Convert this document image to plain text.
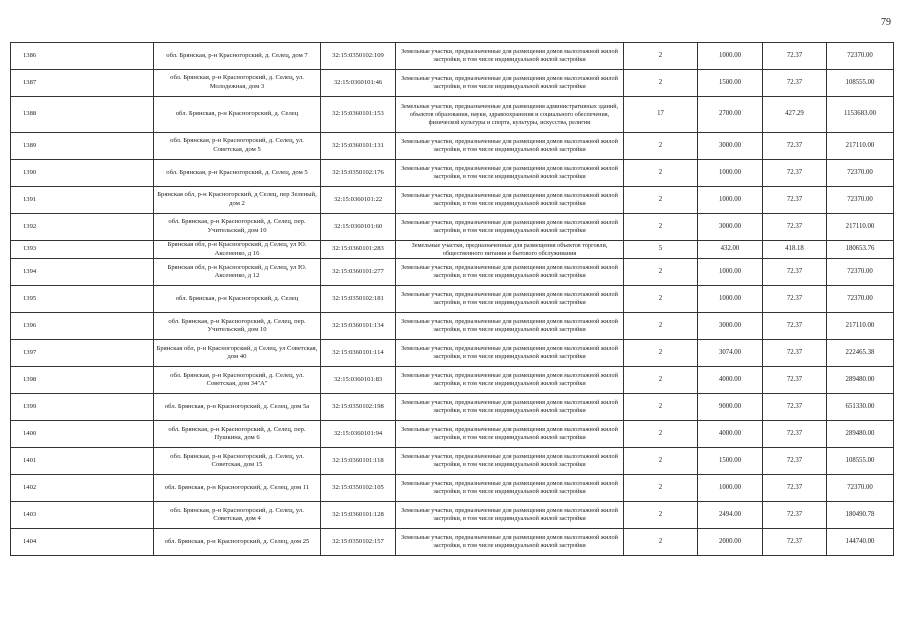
79
1386	обл. Брянская, р-н Красногорский, д. Селец, дом 7	32:15:0350102:109	Земельные участки, предназначенные для размещения домов малоэтажной жилой застройки, в том числе индивидуальной жилой застройки	2	1000.00	72.37	72370.00
1387	обл. Брянская, р-н Красногорский, д. Селец, ул. Молодежная, дом 3	32:15:0360101:46	Земельные участки, предназначенные для размещения домов малоэтажной жилой застройки, в том числе индивидуальной жилой застройки	2	1500.00	72.37	108555.00
1388	обл. Брянская, р-н Красногорский, д. Селец	32:15:0360101:153	Земельные участки, предназначенные для размещения административных зданий, объектов образования, науки, здравоохранения и социального обеспечения, физической культуры и спорта, культуры, искусства, религии	17	2700.00	427.29	1153683.00
1389	обл. Брянская, р-н Красногорский, д. Селец, ул. Советская, дом 5	32:15:0360101:131	Земельные участки, предназначенные для размещения домов малоэтажной жилой застройки, в том числе индивидуальной жилой застройки	2	3000.00	72.37	217110.00
1390	обл. Брянская, р-н Красногорский, д. Селец, дом 5	32:15:0350102:176	Земельные участки, предназначенные для размещения домов малоэтажной жилой застройки, в том числе индивидуальной жилой застройки	2	1000.00	72.37	72370.00
1391	Брянская обл, р-н Красногорский, д Селец, пер Зеленый, дом 2	32:15:0360101:22	Земельные участки, предназначенные для размещения домов малоэтажной жилой застройки, в том числе индивидуальной жилой застройки	2	1000.00	72.37	72370.00
1392	обл. Брянская, р-н Красногорский, д. Селец, пер. Учительский, дом 10	32:15:0360101:60	Земельные участки, предназначенные для размещения домов малоэтажной жилой застройки, в том числе индивидуальной жилой застройки	2	3000.00	72.37	217110.00
1393	Брянская обл, р-н Красногорский, д Селец, ул Ю. Аксененко, д 16	32:15:0360101:283	Земельные участки, предназначенные для размещения объектов торговли, общественного питания и бытового обслуживания	5	432.00	418.18	180653.76
1394	Брянская обл, р-н Красногорский, д Селец, ул Ю. Аксененко, д 12	32:15:0360101:277	Земельные участки, предназначенные для размещения домов малоэтажной жилой застройки, в том числе индивидуальной жилой застройки	2	1000.00	72.37	72370.00
1395	обл. Брянская, р-н Красногорский, д. Селец	32:15:0350102:181	Земельные участки, предназначенные для размещения домов малоэтажной жилой застройки, в том числе индивидуальной жилой застройки	2	1000.00	72.37	72370.00
1396	обл. Брянская, р-н Красногорский, д. Селец, пер. Учительский, дом 10	32:15:0360101:134	Земельные участки, предназначенные для размещения домов малоэтажной жилой застройки, в том числе индивидуальной жилой застройки	2	3000.00	72.37	217110.00
1397	Брянская обл, р-н Красногорский, д Селец, ул Советская, дом 40	32:15:0360101:114	Земельные участки, предназначенные для размещения домов малоэтажной жилой застройки, в том числе индивидуальной жилой застройки	2	3074.00	72.37	222465.38
1398	обл. Брянская, р-н Красногорский, д. Селец, ул. Советская, дом 34"А"	32:15:0360101:83	Земельные участки, предназначенные для размещения домов малоэтажной жилой застройки, в том числе индивидуальной жилой застройки	2	4000.00	72.37	289480.00
1399	обл. Брянская, р-н Красногорский, д. Селец, дом 5а	32:15:0350102:198	Земельные участки, предназначенные для размещения домов малоэтажной жилой застройки, в том числе индивидуальной жилой застройки	2	9000.00	72.37	651330.00
1400	обл. Брянская, р-н Красногорский, д. Селец, пер. Пушкина, дом 6	32:15:0360101:94	Земельные участки, предназначенные для размещения домов малоэтажной жилой застройки, в том числе индивидуальной жилой застройки	2	4000.00	72.37	289480.00
1401	обл. Брянская, р-н Красногорский, д. Селец, ул. Советская, дом 15	32:15:0360101:118	Земельные участки, предназначенные для размещения домов малоэтажной жилой застройки, в том числе индивидуальной жилой застройки	2	1500.00	72.37	108555.00
1402	обл. Брянская, р-н Красногорский, д. Селец, дом 11	32:15:0350102:105	Земельные участки, предназначенные для размещения домов малоэтажной жилой застройки, в том числе индивидуальной жилой застройки	2	1000.00	72.37	72370.00
1403	обл. Брянская, р-н Красногорский, д. Селец, ул. Советская, дом 4	32:15:0360101:128	Земельные участки, предназначенные для размещения домов малоэтажной жилой застройки, в том числе индивидуальной жилой застройки	2	2494.00	72.37	180490.78
1404	обл. Брянская, р-н Красногорский, д. Селец, дом 25	32:15:0350102:157	Земельные участки, предназначенные для размещения домов малоэтажной жилой застройки, в том числе индивидуальной жилой застройки	2	2000.00	72.37	144740.00
